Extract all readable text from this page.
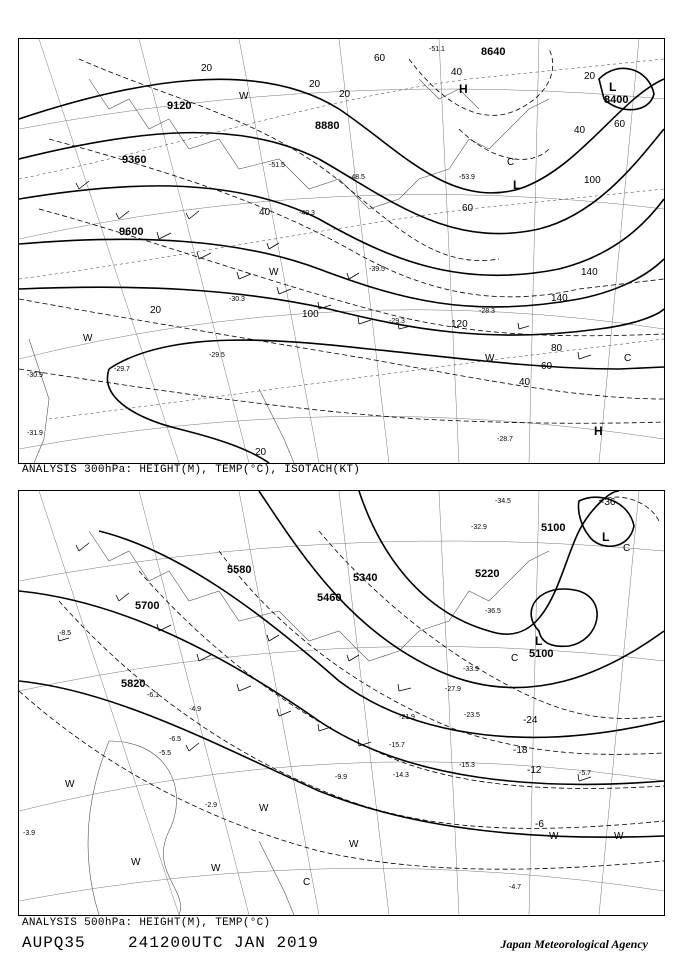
8640
9120
8880
8400
9360
9600
20
60
40
40
60
20
20
40	60
100
140
120
100
140
80
60
40
20
20
20	H	L
L
H
W
W
C
W
W
C
-51.1
-53.9
-48.5
-51.5
-29.3
-28.3
-29.5
-30.3
-29.7
-28.7
-30.9
-31.9
-39.5
-49.3
ANALYSIS 300hPa: HEIGHT(M), TEMP(°C), ISOTACH(KT)
5100
5220
5340
5460
5580
5700
5820
5100
-36
-24
-18
-12
-6
L
L
C
C
W
W
W	W
W
W
W
C
-34.5
-32.9
-36.5
-33.9
-27.9
-23.5
-21.9
-15.7
-15.3
-14.3
-9.9
-5.7
-4.7
-3.9
-2.9
-4.9
-6.5
-8.5
-5.5
-6.1
ANALYSIS 500hPa: HEIGHT(M), TEMP(°C)
AUPQ35	241200UTC JAN 2019	Japan Meteorological Agency
